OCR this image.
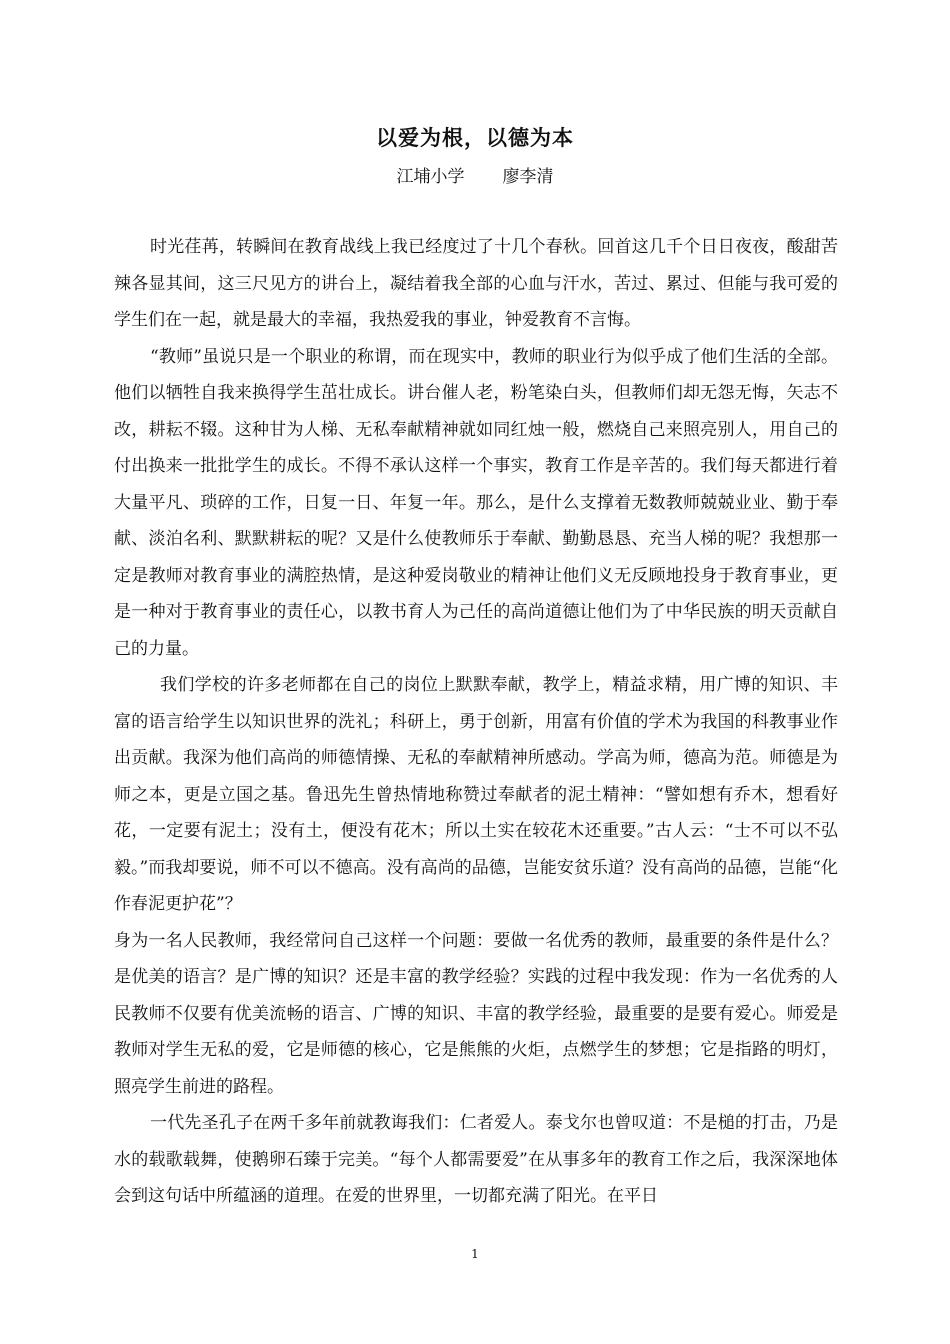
以爱为根，以德为本
江埔小学 廖李清

时光荏苒，转瞬间在教育战线上我已经度过了十几个春秋。回首这几千个日日夜夜，酸甜苦辣各显其间，这三尺见方的讲台上，凝结着我全部的心血与汗水，苦过、累过、但能与我可爱的学生们在一起，就是最大的幸福，我热爱我的事业，钟爱教育不言悔。

“教师”虽说只是一个职业的称谓，而在现实中，教师的职业行为似乎成了他们生活的全部。他们以牺牲自我来换得学生茁壮成长。讲台催人老，粉笔染白头，但教师们却无怨无悔，矢志不改，耕耘不辍。这种甘为人梯、无私奉献精神就如同红烛一般，燃烧自己来照亮别人，用自己的付出换来一批批学生的成长。不得不承认这样一个事实，教育工作是辛苦的。我们每天都进行着大量平凡、琐碎的工作，日复一日、年复一年。那么，是什么支撑着无数教师兢兢业业、勤于奉献、淡泊名利、默默耕耘的呢？又是什么使教师乐于奉献、勤勤恳恳、充当人梯的呢？我想那一定是教师对教育事业的满腔热情，是这种爱岗敬业的精神让他们义无反顾地投身于教育事业，更是一种对于教育事业的责任心，以教书育人为己任的高尚道德让他们为了中华民族的明天贡献自己的力量。

我们学校的许多老师都在自己的岗位上默默奉献，教学上，精益求精，用广博的知识、丰富的语言给学生以知识世界的洗礼；科研上，勇于创新，用富有价值的学术为我国的科教事业作出贡献。我深为他们高尚的师德情操、无私的奉献精神所感动。学高为师，德高为范。师德是为师之本，更是立国之基。鲁迅先生曾热情地称赞过奉献者的泥土精神：“譬如想有乔木，想看好花，一定要有泥土；没有土，便没有花木；所以土实在较花木还重要。”古人云：“士不可以不弘毅。”而我却要说，师不可以不德高。没有高尚的品德，岂能安贫乐道？没有高尚的品德，岂能“化作春泥更护花”？

身为一名人民教师，我经常问自己这样一个问题：要做一名优秀的教师，最重要的条件是什么？是优美的语言？是广博的知识？还是丰富的教学经验？实践的过程中我发现：作为一名优秀的人民教师不仅要有优美流畅的语言、广博的知识、丰富的教学经验，最重要的是要有爱心。师爱是教师对学生无私的爱，它是师德的核心，它是熊熊的火炬，点燃学生的梦想；它是指路的明灯，照亮学生前进的路程。

一代先圣孔子在两千多年前就教诲我们：仁者爱人。泰戈尔也曾叹道：不是槌的打击，乃是水的载歌载舞，使鹅卵石臻于完美。“每个人都需要爱”在从事多年的教育工作之后，我深深地体会到这句话中所蕴涵的道理。在爱的世界里，一切都充满了阳光。在平日

1
